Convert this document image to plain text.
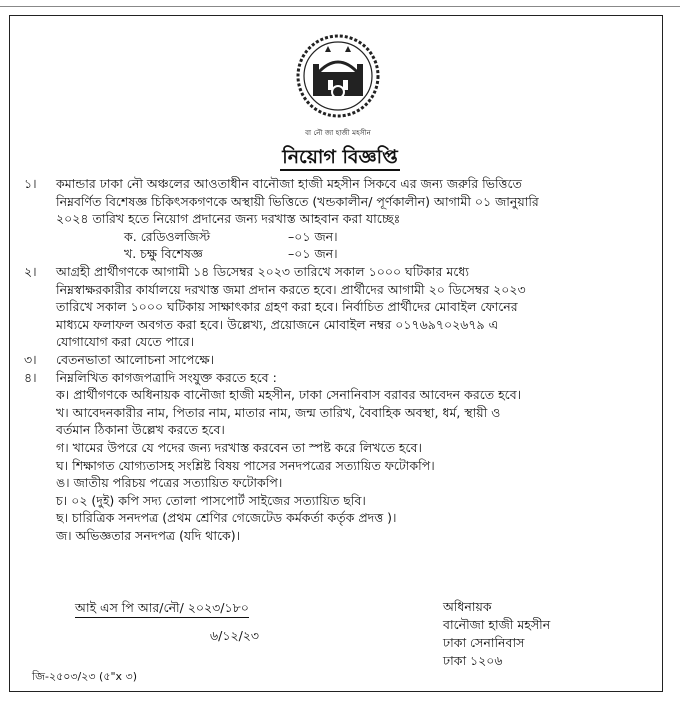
বা নৌ জা হাজী মহসীন
নিয়োগ বিজ্ঞপ্তি
১।	কমান্ডার ঢাকা নৌ অঞ্চলের আওতাধীন বানৌজা হাজী মহসীন সিকবে এর জন্য জরুরি ভিত্তিতে
নিম্নবর্ণিত বিশেষজ্ঞ চিকিৎসকগণকে অস্থায়ী ভিত্তিতে (খন্ডকালীন/ পূর্ণকালীন) আগামী ০১ জানুয়ারি
২০২৪ তারিখ হতে নিয়োগ প্রদানের জন্য দরখাস্ত আহবান করা যাচ্ছেঃ
ক. রেডিওলজিস্ট	–০১ জন।
খ. চক্ষু বিশেষজ্ঞ	–০১ জন।
২।	আগ্রহী প্রার্থীগণকে আগামী ১৪ ডিসেম্বর ২০২৩ তারিখে সকাল ১০০০ ঘটিকার মধ্যে
নিম্নস্বাক্ষরকারীর কার্যালয়ে দরখাস্ত জমা প্রদান করতে হবে। প্রার্থীদের আগামী ২০ ডিসেম্বর ২০২৩
তারিখে সকাল ১০০০ ঘটিকায় সাক্ষাৎকার গ্রহণ করা হবে। নির্বাচিত প্রার্থীদের মোবাইল ফোনের
মাধ্যমে ফলাফল অবগত করা হবে। উল্লেখ্য, প্রয়োজনে মোবাইল নম্বর ০১৭৬৯৭০২৬৭৯ এ
যোগাযোগ করা যেতে পারে।
৩।	বেতনভাতা আলোচনা সাপেক্ষে।
৪।	নিম্নলিখিত কাগজপত্রাদি সংযুক্ত করতে হবে :
ক। প্রার্থীগণকে অধিনায়ক বানৌজা হাজী মহসীন, ঢাকা সেনানিবাস বরাবর আবেদন করতে হবে।
খ। আবেদনকারীর নাম, পিতার নাম, মাতার নাম, জন্ম তারিখ, বৈবাহিক অবস্থা, ধর্ম, স্থায়ী ও
বর্তমান ঠিকানা উল্লেখ করতে হবে।
গ। খামের উপরে যে পদের জন্য দরখাস্ত করবেন তা স্পষ্ট করে লিখতে হবে।
ঘ। শিক্ষাগত যোগ্যতাসহ সংশ্লিষ্ট বিষয় পাসের সনদপত্রের সত্যায়িত ফটোকপি।
ঙ। জাতীয় পরিচয় পত্রের সত্যায়িত ফটোকপি।
চ। ০২ (দুই) কপি সদ্য তোলা পাসপোর্ট সাইজের সত্যায়িত ছবি।
ছ। চারিত্রিক সনদপত্র (প্রথম শ্রেণির গেজেটেড কর্মকর্তা কর্তৃক প্রদত্ত )।
জ। অভিজ্ঞতার সনদপত্র (যদি থাকে)।
আই এস পি আর/নৌ/ ২০২৩/১৮০
৬/১২/২৩
অধিনায়ক
বানৌজা হাজী মহসীন
ঢাকা সেনানিবাস
ঢাকা ১২০৬
জি-২৫০৩/২৩ (৫"x ৩)
